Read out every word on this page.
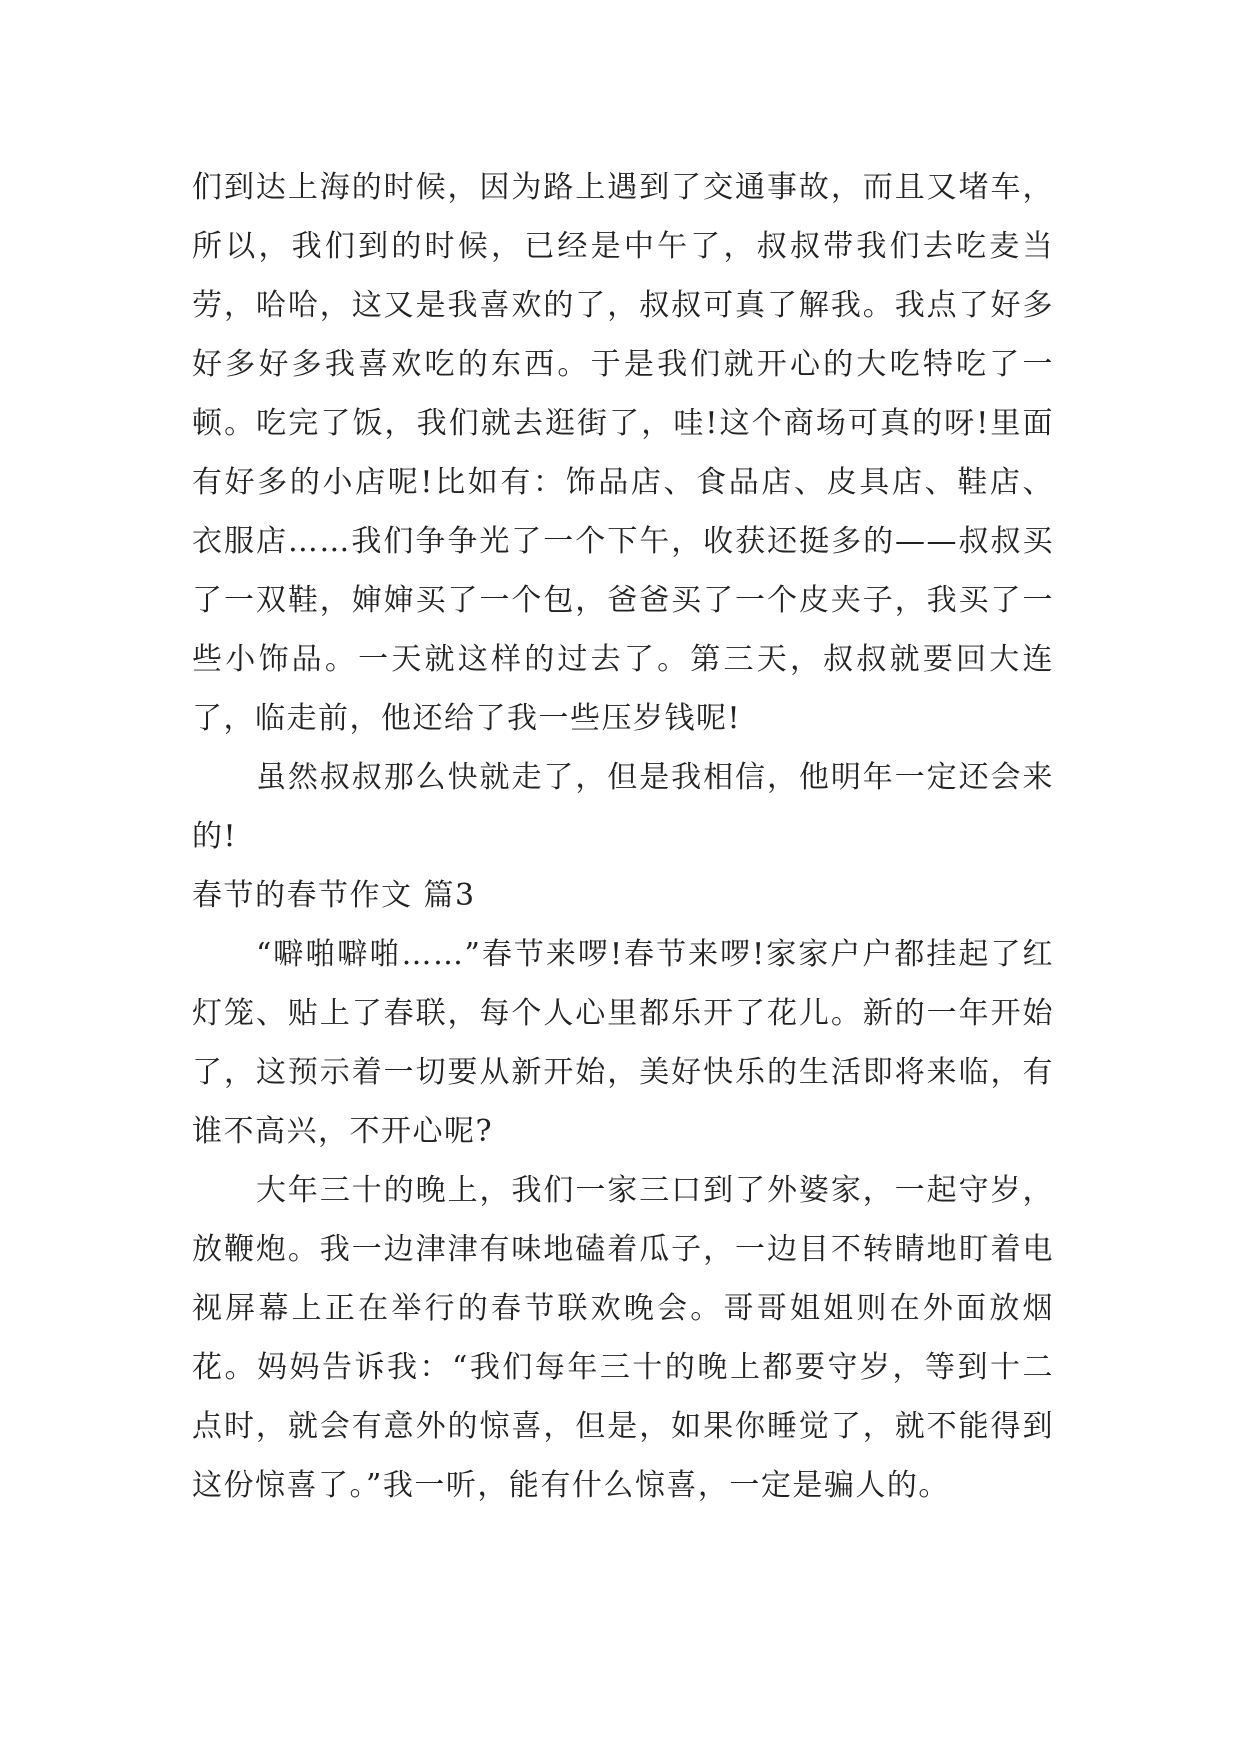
们到达上海的时候，因为路上遇到了交通事故，而且又堵车，所以，我们到的时候，已经是中午了，叔叔带我们去吃麦当劳，哈哈，这又是我喜欢的了，叔叔可真了解我。我点了好多好多好多我喜欢吃的东西。于是我们就开心的大吃特吃了一顿。吃完了饭，我们就去逛街了，哇!这个商场可真的呀!里面有好多的小店呢!比如有：饰品店、食品店、皮具店、鞋店、衣服店……我们争争光了一个下午，收获还挺多的——叔叔买了一双鞋，婶婶买了一个包，爸爸买了一个皮夹子，我买了一些小饰品。一天就这样的过去了。第三天，叔叔就要回大连了，临走前，他还给了我一些压岁钱呢!

虽然叔叔那么快就走了，但是我相信，他明年一定还会来的!

春节的春节作文 篇3

“噼啪噼啪……”春节来啰!春节来啰!家家户户都挂起了红灯笼、贴上了春联，每个人心里都乐开了花儿。新的一年开始了，这预示着一切要从新开始，美好快乐的生活即将来临，有谁不高兴，不开心呢?

大年三十的晚上，我们一家三口到了外婆家，一起守岁，放鞭炮。我一边津津有味地磕着瓜子，一边目不转睛地盯着电视屏幕上正在举行的春节联欢晚会。哥哥姐姐则在外面放烟花。妈妈告诉我：“我们每年三十的晚上都要守岁，等到十二点时，就会有意外的惊喜，但是，如果你睡觉了，就不能得到这份惊喜了。”我一听，能有什么惊喜，一定是骗人的。
